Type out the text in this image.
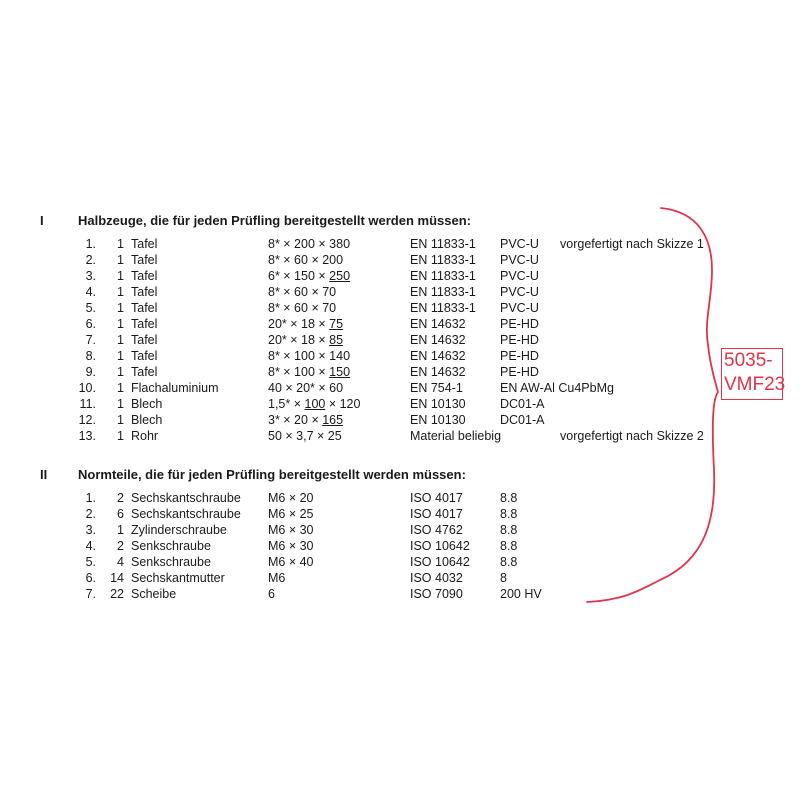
I	Halbzeuge, die für jeden Prüfling bereitgestellt werden müssen:
1.	1 Tafel	8* × 200 × 380	EN 11833-1 PVC-U vorgefertigt nach Skizze 1
2.	1 Tafel	8* × 60 × 200	EN 11833-1 PVC-U
3.	1 Tafel	6* × 150 × 250	EN 11833-1 PVC-U
4.	1 Tafel	8* × 60 × 70	EN 11833-1 PVC-U
5.	1 Tafel	8* × 60 × 70	EN 11833-1 PVC-U
6.	1 Tafel	20* × 18 × 75	EN 14632	PE-HD
7.	1 Tafel	20* × 18 × 85	EN 14632	PE-HD
8.	1 Tafel	8* × 100 × 140	EN 14632	PE-HD
9.	1 Tafel	8* × 100 × 150	EN 14632	PE-HD
10.	1 Flachaluminium	40 × 20* × 60	EN 754-1	EN AW-Al Cu4PbMg
11.	1 Blech	1,5* × 100 × 120	EN 10130	DC01-A
12.	1 Blech	3* × 20 × 165	EN 10130	DC01-A
13.	1 Rohr	50 × 3,7 × 25	Material beliebig	vorgefertigt nach Skizze 2
II Normteile, die für jeden Prüfling bereitgestellt werden müssen:
1.	2 Sechskantschraube M6 × 20	ISO 4017	8.8
2.	6 Sechskantschraube M6 × 25	ISO 4017	8.8
3.	1 Zylinderschraube	M6 × 30	ISO 4762	8.8
4.	2 Senkschraube	M6 × 30	ISO 10642 8.8
5.	4 Senkschraube	M6 × 40	ISO 10642 8.8
6.	14 Sechskantmutter	M6	ISO 4032	8
7.	22 Scheibe	6	ISO 7090	200 HV
5035-
VMF23
